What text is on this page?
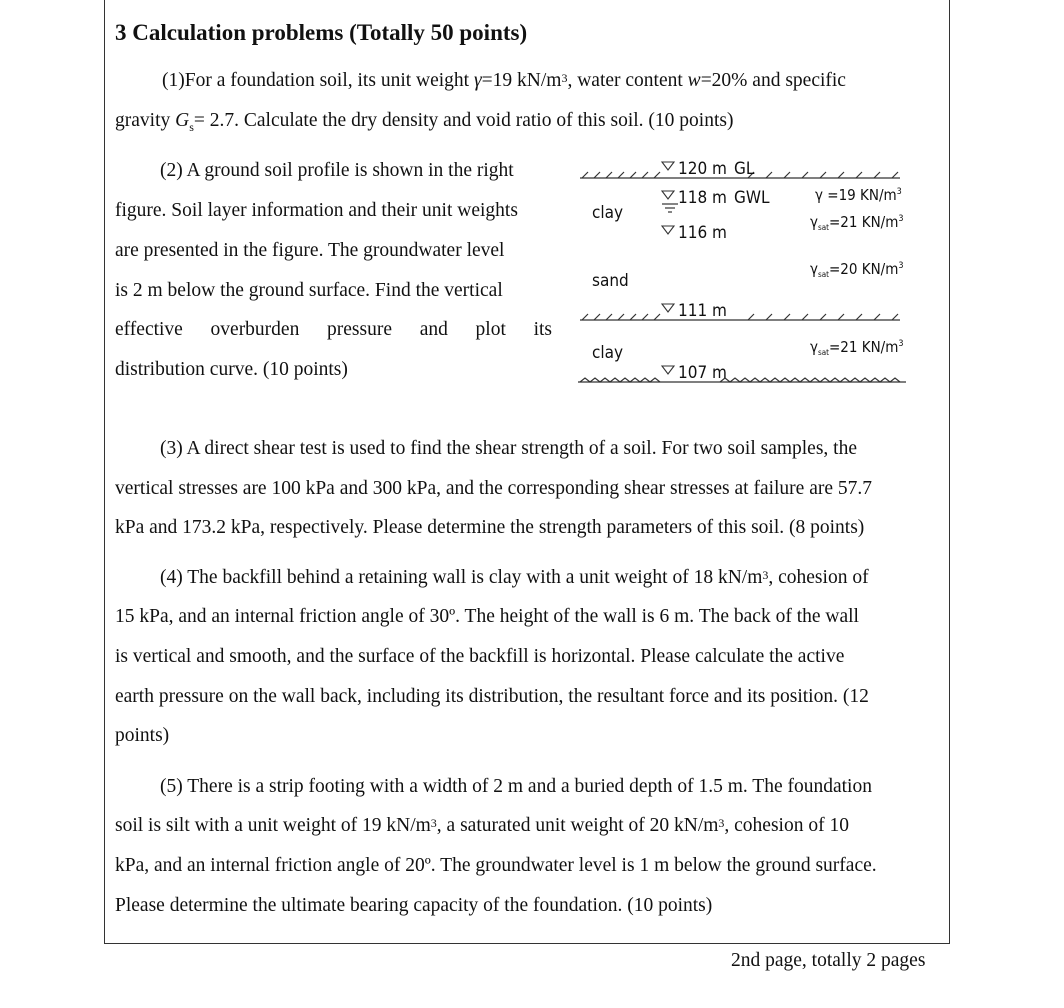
3 Calculation problems (Totally 50 points)
(1)For a foundation soil, its unit weight γ=19 $kN/m^3$, water content w=20% and specific
gravity $G_s= 2.7$. Calculate the dry density and void ratio of this soil. (10 points)
(2) A ground soil profile is shown in the right
figure. Soil layer information and their unit weights
are presented in the figure. The groundwater level
is 2 m below the ground surface. Find the vertical
effective overburden pressure and plot its
distribution curve. (10 points)
120 m GL
118 m GWL
116 m
111 m
107 m
clay
sand
clay
γ =19 $KN/m^3$
$\gamma_{sat}=21$ $KN/m^3$
$\gamma_{sat}=20$ $KN/m^3$
$\gamma_{sat}=21$ $KN/m^3$
(3) A direct shear test is used to find the shear strength of a soil. For two soil samples, the
vertical stresses are 100 kPa and 300 kPa, and the corresponding shear stresses at failure are 57.7
kPa and 173.2 kPa, respectively. Please determine the strength parameters of this soil. (8 points)
(4) The backfill behind a retaining wall is clay with a unit weight of 18 $kN/m^3$, cohesion of
15 kPa, and an internal friction angle of 30º. The height of the wall is 6 m. The back of the wall
is vertical and smooth, and the surface of the backfill is horizontal. Please calculate the active
earth pressure on the wall back, including its distribution, the resultant force and its position. (12
points)
(5) There is a strip footing with a width of 2 m and a buried depth of 1.5 m. The foundation
soil is silt with a unit weight of 19 $kN/m^3$, a saturated unit weight of 20 $kN/m^3$, cohesion of 10
kPa, and an internal friction angle of 20º. The groundwater level is 1 m below the ground surface.
Please determine the ultimate bearing capacity of the foundation. (10 points)
2nd page, totally 2 pages
